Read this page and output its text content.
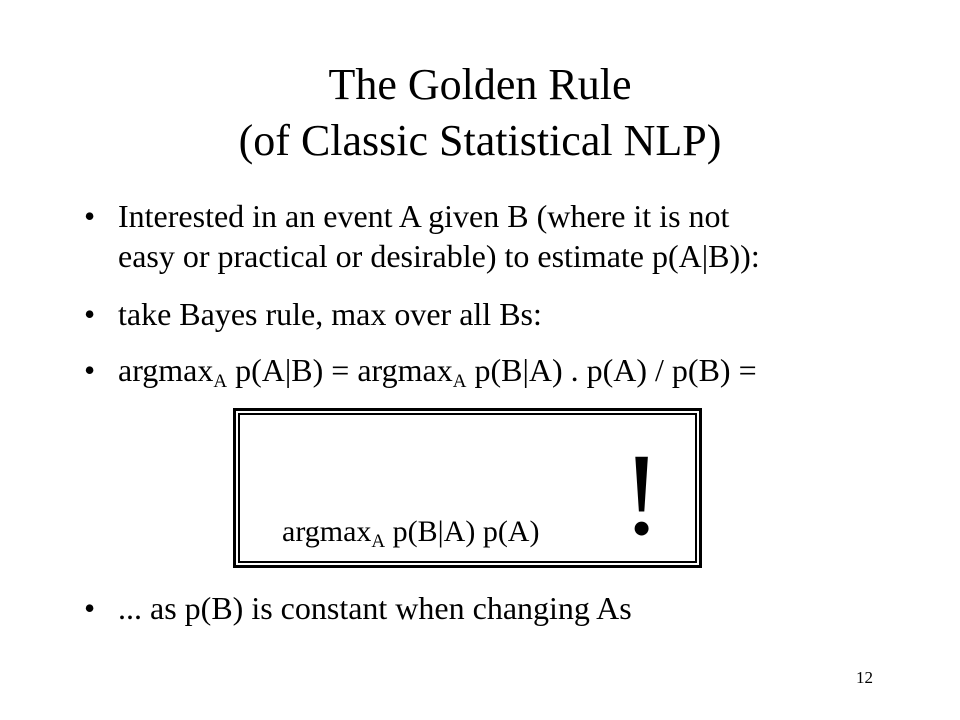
The Golden Rule
(of Classic Statistical NLP)
• Interested in an event A given B (where it is not
easy or practical or desirable) to estimate p(A|B)):
• take Bayes rule, max over all Bs:
• argmax$_A$ p(A|B) = argmax$_A$ p(B|A) . p(A) / p(B) =
• ... as p(B) is constant when changing As
argmax$_A$ p(B|A) p(A) !
12
